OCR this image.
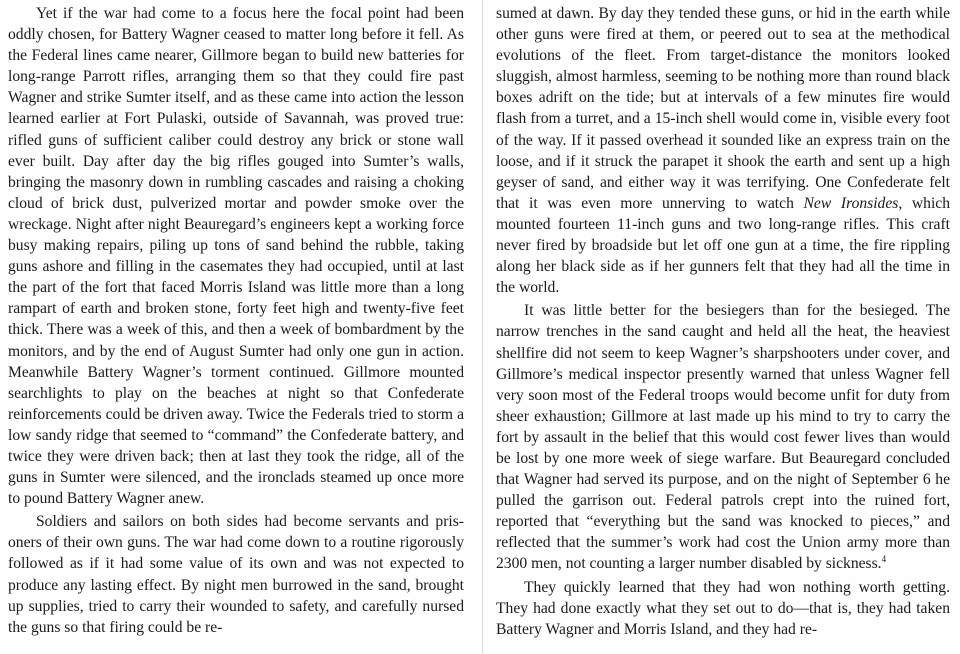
Yet if the war had come to a focus here the focal point had been oddly chosen, for Battery Wagner ceased to matter long before it fell. As the Federal lines came nearer, Gillmore began to build new batteries for long-range Parrott rifles, arranging them so that they could fire past Wagner and strike Sumter itself, and as these came into action the lesson learned earlier at Fort Pulaski, outside of Savannah, was proved true: rifled guns of sufficient caliber could destroy any brick or stone wall ever built. Day after day the big rifles gouged into Sumter’s walls, bringing the masonry down in rumbling cascades and raising a choking cloud of brick dust, pulverized mortar and powder smoke over the wreckage. Night after night Beauregard’s engineers kept a working force busy making repairs, piling up tons of sand behind the rubble, taking guns ashore and filling in the casemates they had occupied, until at last the part of the fort that faced Morris Island was little more than a long rampart of earth and broken stone, forty feet high and twenty-five feet thick. There was a week of this, and then a week of bombardment by the monitors, and by the end of August Sumter had only one gun in action. Meanwhile Battery Wagner’s torment continued. Gillmore mounted searchlights to play on the beaches at night so that Confederate reinforcements could be driven away. Twice the Federals tried to storm a low sandy ridge that seemed to “command” the Confederate battery, and twice they were driven back; then at last they took the ridge, all of the guns in Sumter were silenced, and the ironclads steamed up once more to pound Battery Wagner anew.

Soldiers and sailors on both sides had become servants and prisoners of their own guns. The war had come down to a routine rigorously followed as if it had some value of its own and was not expected to produce any lasting effect. By night men burrowed in the sand, brought up supplies, tried to carry their wounded to safety, and carefully nursed the guns so that firing could be re-

sumed at dawn. By day they tended these guns, or hid in the earth while other guns were fired at them, or peered out to sea at the methodical evolutions of the fleet. From target-distance the monitors looked sluggish, almost harmless, seeming to be nothing more than round black boxes adrift on the tide; but at intervals of a few minutes fire would flash from a turret, and a 15-inch shell would come in, visible every foot of the way. If it passed overhead it sounded like an express train on the loose, and if it struck the parapet it shook the earth and sent up a high geyser of sand, and either way it was terrifying. One Confederate felt that it was even more unnerving to watch New Ironsides, which mounted fourteen 11-inch guns and two long-range rifles. This craft never fired by broadside but let off one gun at a time, the fire rippling along her black side as if her gunners felt that they had all the time in the world.

It was little better for the besiegers than for the besieged. The narrow trenches in the sand caught and held all the heat, the heaviest shellfire did not seem to keep Wagner’s sharpshooters under cover, and Gillmore’s medical inspector presently warned that unless Wagner fell very soon most of the Federal troops would become unfit for duty from sheer exhaustion; Gillmore at last made up his mind to try to carry the fort by assault in the belief that this would cost fewer lives than would be lost by one more week of siege warfare. But Beauregard concluded that Wagner had served its purpose, and on the night of September 6 he pulled the garrison out. Federal patrols crept into the ruined fort, reported that “everything but the sand was knocked to pieces,” and reflected that the summer’s work had cost the Union army more than 2300 men, not counting a larger number disabled by sickness.$^4$

They quickly learned that they had won nothing worth getting. They had done exactly what they set out to do—that is, they had taken Battery Wagner and Morris Island, and they had re-
